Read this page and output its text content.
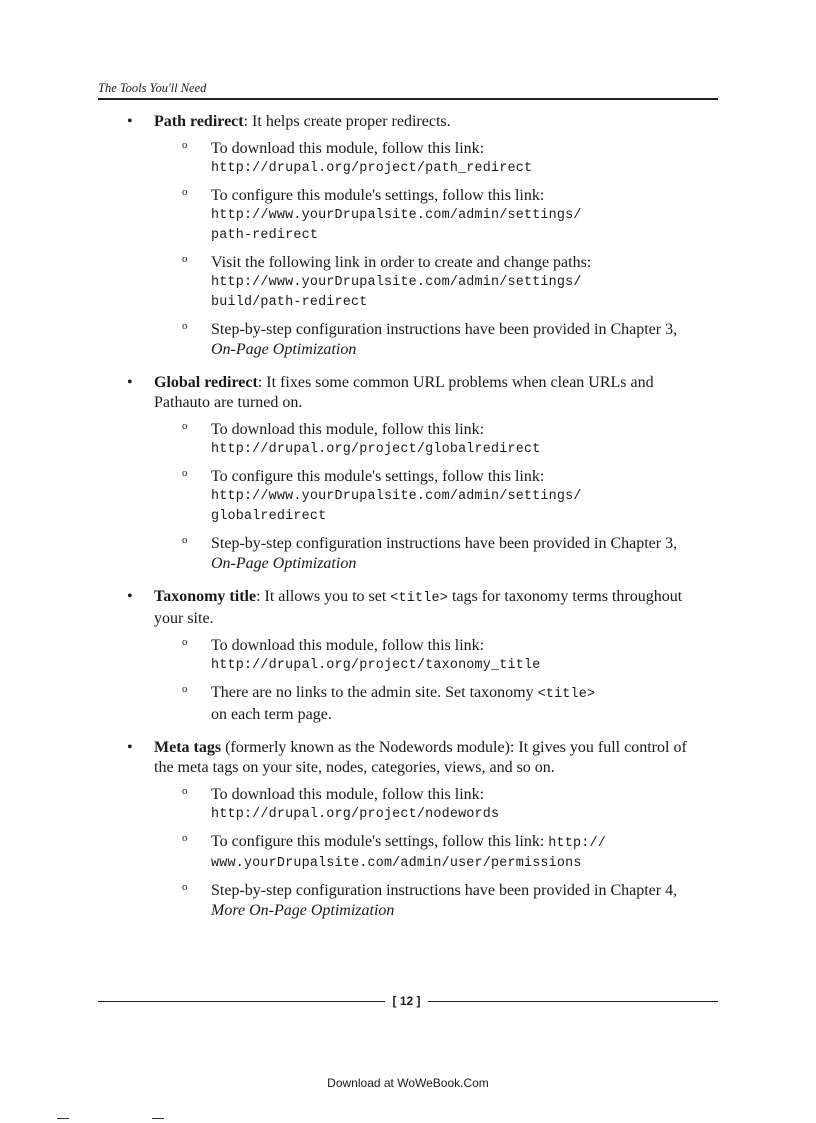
The Tools You'll Need
• Path redirect: It helps create proper redirects.
o To download this module, follow this link:
http://drupal.org/project/path_redirect
o To configure this module's settings, follow this link:
http://www.yourDrupalsite.com/admin/settings/
path-redirect
o Visit the following link in order to create and change paths:
http://www.yourDrupalsite.com/admin/settings/
build/path-redirect
o Step-by-step configuration instructions have been provided in Chapter 3, On-Page Optimization
• Global redirect: It fixes some common URL problems when clean URLs and Pathauto are turned on.
o To download this module, follow this link:
http://drupal.org/project/globalredirect
o To configure this module's settings, follow this link:
http://www.yourDrupalsite.com/admin/settings/
globalredirect
o Step-by-step configuration instructions have been provided in Chapter 3, On-Page Optimization
• Taxonomy title: It allows you to set <title> tags for taxonomy terms throughout your site.
o To download this module, follow this link:
http://drupal.org/project/taxonomy_title
o There are no links to the admin site. Set taxonomy <title>
on each term page.
• Meta tags (formerly known as the Nodewords module): It gives you full control of the meta tags on your site, nodes, categories, views, and so on.
o To download this module, follow this link:
http://drupal.org/project/nodewords
o To configure this module's settings, follow this link: http://
www.yourDrupalsite.com/admin/user/permissions
o Step-by-step configuration instructions have been provided in Chapter 4, More On-Page Optimization
[ 12 ]
Download at WoWeBook.Com
